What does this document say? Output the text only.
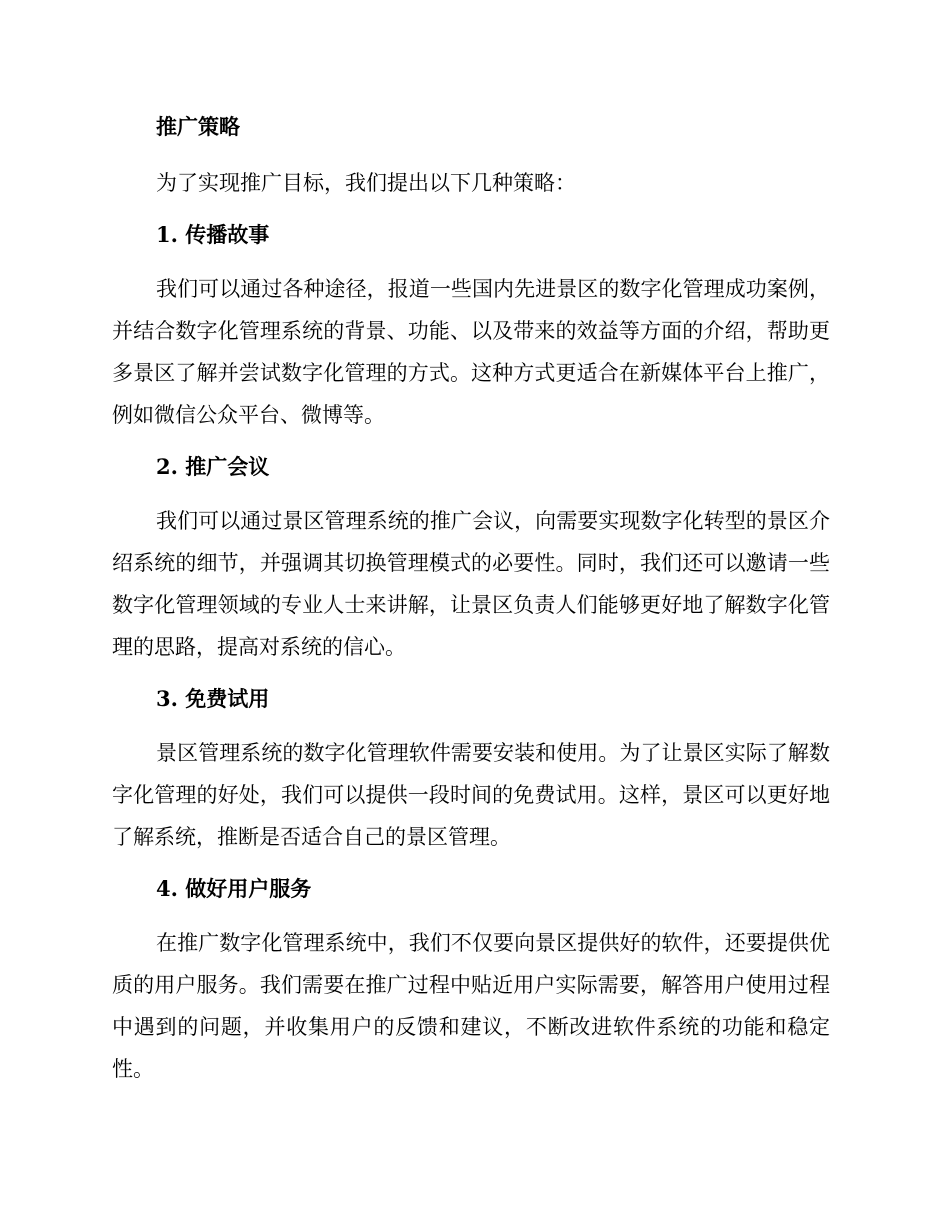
推广策略

为了实现推广目标，我们提出以下几种策略：

1. 传播故事

我们可以通过各种途径，报道一些国内先进景区的数字化管理成功案例，并结合数字化管理系统的背景、功能、以及带来的效益等方面的介绍，帮助更多景区了解并尝试数字化管理的方式。这种方式更适合在新媒体平台上推广，例如微信公众平台、微博等。

2. 推广会议

我们可以通过景区管理系统的推广会议，向需要实现数字化转型的景区介绍系统的细节，并强调其切换管理模式的必要性。同时，我们还可以邀请一些数字化管理领域的专业人士来讲解，让景区负责人们能够更好地了解数字化管理的思路，提高对系统的信心。

3. 免费试用

景区管理系统的数字化管理软件需要安装和使用。为了让景区实际了解数字化管理的好处，我们可以提供一段时间的免费试用。这样，景区可以更好地了解系统，推断是否适合自己的景区管理。

4. 做好用户服务

在推广数字化管理系统中，我们不仅要向景区提供好的软件，还要提供优质的用户服务。我们需要在推广过程中贴近用户实际需要，解答用户使用过程中遇到的问题，并收集用户的反馈和建议，不断改进软件系统的功能和稳定性。
